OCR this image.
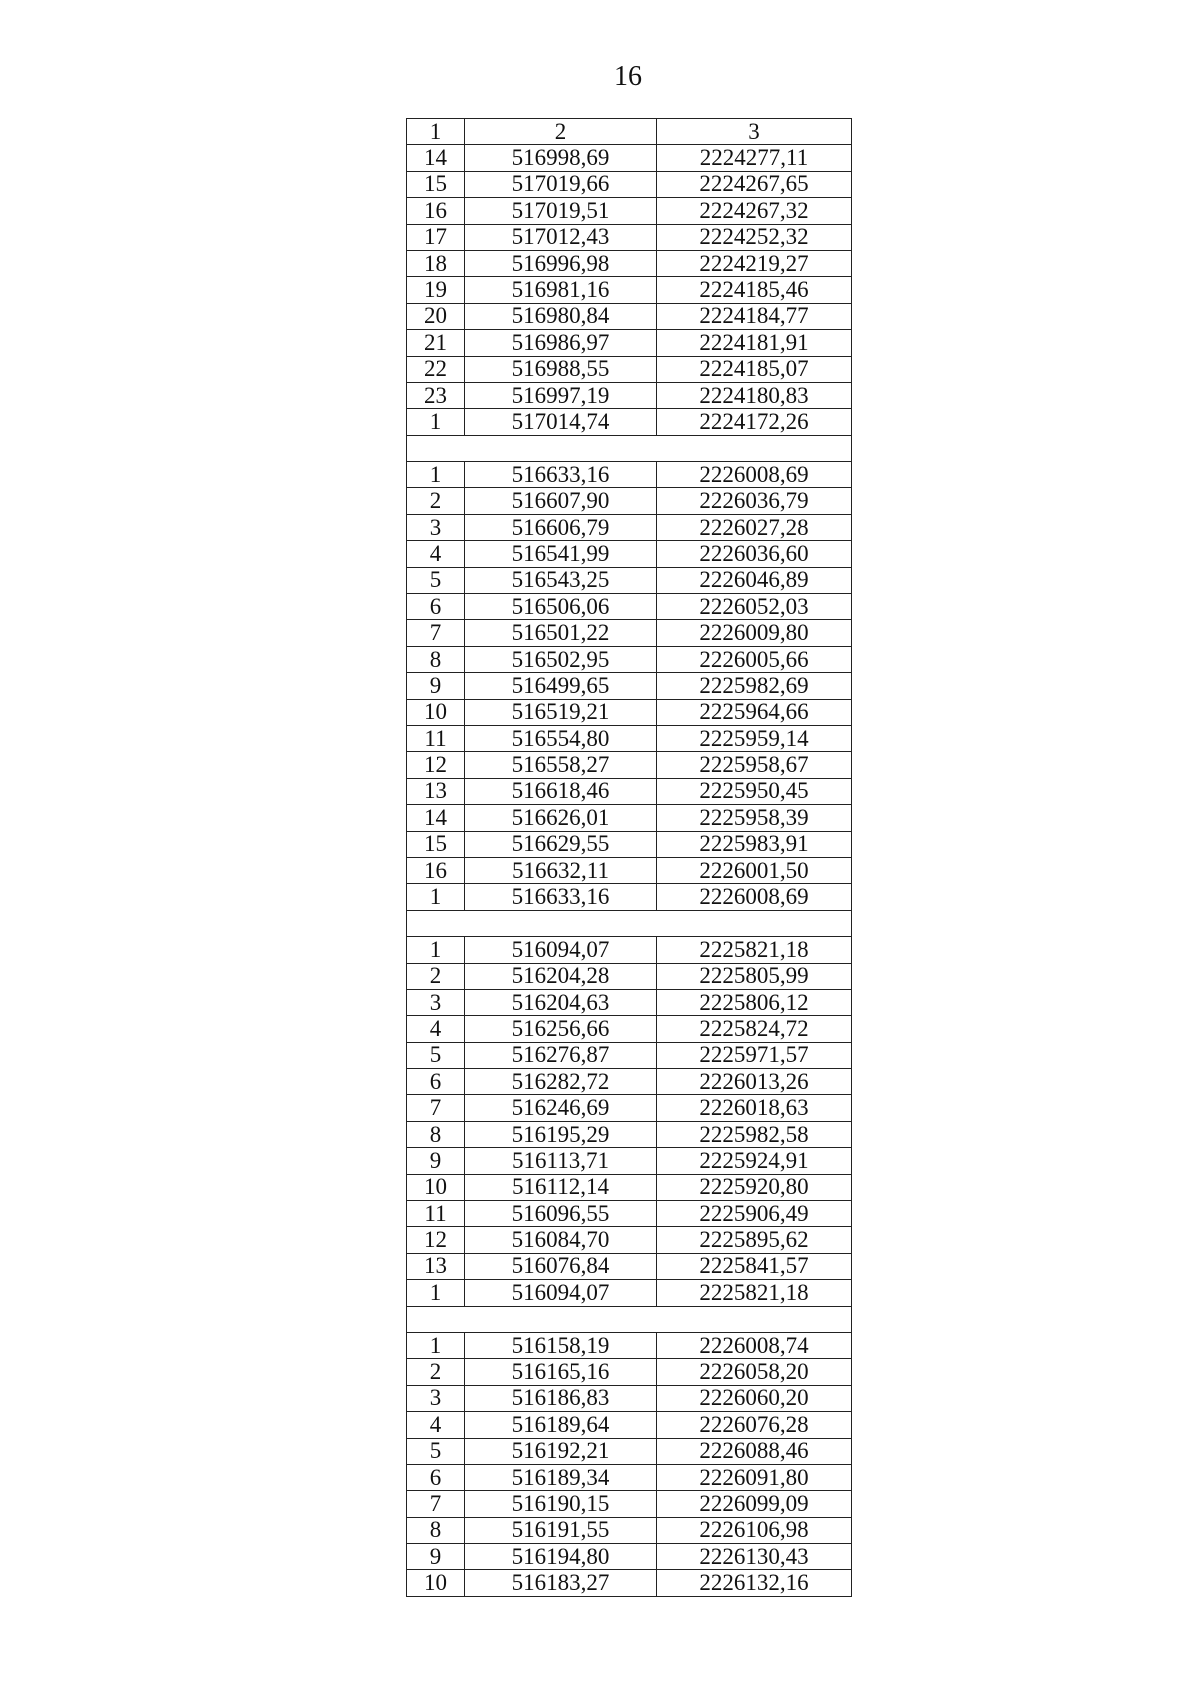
16
1	2	3
14	516998,69	2224277,11
15	517019,66	2224267,65
16	517019,51	2224267,32
17	517012,43	2224252,32
18	516996,98	2224219,27
19	516981,16	2224185,46
20	516980,84	2224184,77
21	516986,97	2224181,91
22	516988,55	2224185,07
23	516997,19	2224180,83
1	517014,74	2224172,26

1	516633,16	2226008,69
2	516607,90	2226036,79
3	516606,79	2226027,28
4	516541,99	2226036,60
5	516543,25	2226046,89
6	516506,06	2226052,03
7	516501,22	2226009,80
8	516502,95	2226005,66
9	516499,65	2225982,69
10	516519,21	2225964,66
11	516554,80	2225959,14
12	516558,27	2225958,67
13	516618,46	2225950,45
14	516626,01	2225958,39
15	516629,55	2225983,91
16	516632,11	2226001,50
1	516633,16	2226008,69

1	516094,07	2225821,18
2	516204,28	2225805,99
3	516204,63	2225806,12
4	516256,66	2225824,72
5	516276,87	2225971,57
6	516282,72	2226013,26
7	516246,69	2226018,63
8	516195,29	2225982,58
9	516113,71	2225924,91
10	516112,14	2225920,80
11	516096,55	2225906,49
12	516084,70	2225895,62
13	516076,84	2225841,57
1	516094,07	2225821,18

1	516158,19	2226008,74
2	516165,16	2226058,20
3	516186,83	2226060,20
4	516189,64	2226076,28
5	516192,21	2226088,46
6	516189,34	2226091,80
7	516190,15	2226099,09
8	516191,55	2226106,98
9	516194,80	2226130,43
10	516183,27	2226132,16
